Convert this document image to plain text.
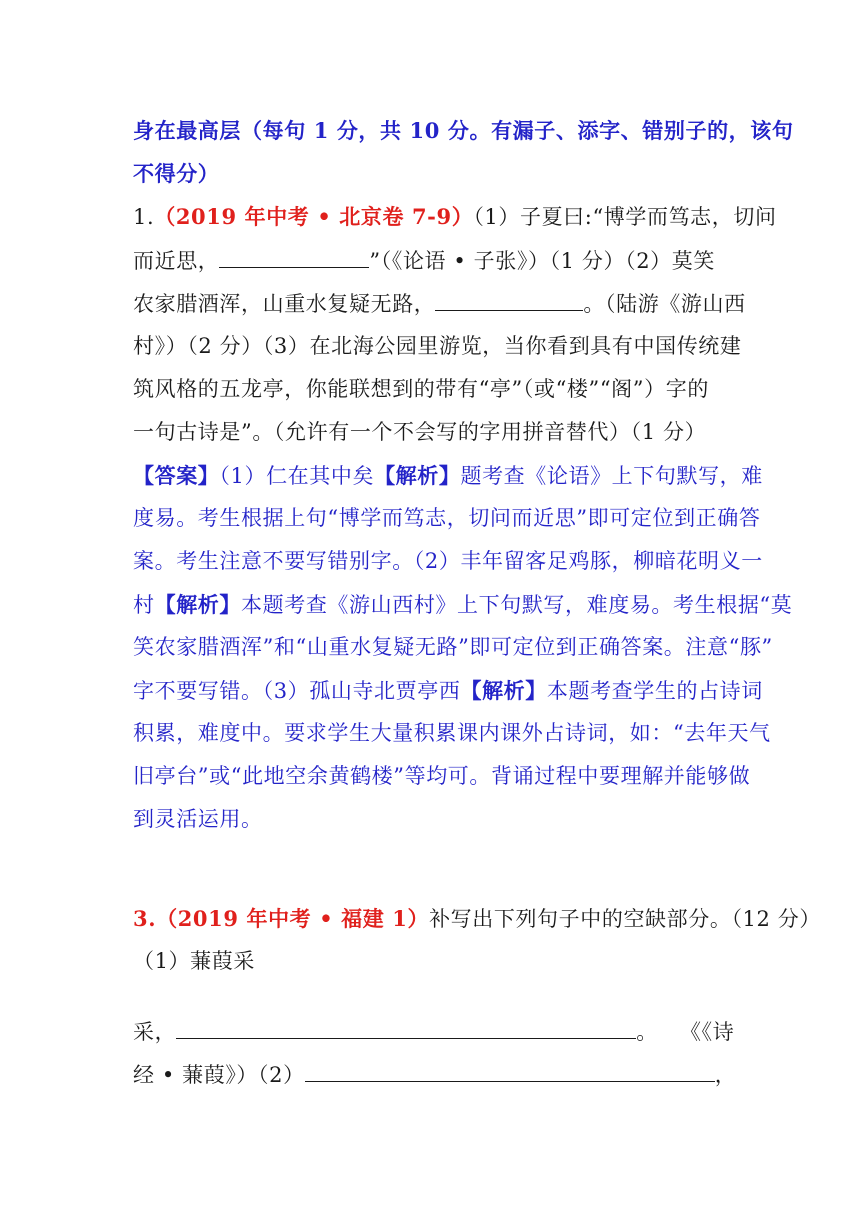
身在最高层（每句 1 分，共 10 分。有漏子、添字、错别子的，该句
不得分）
1.（2019 年中考 • 北京卷 7-9）（1）子夏曰:“博学而笃志，切问
而近思，	”（《论语 • 子张》）（1 分）（2）莫笑
农家腊酒浑，山重水复疑无路，	。（陆游《游山西
村》）（2 分）（3）在北海公园里游览，当你看到具有中国传统建
筑风格的五龙亭，你能联想到的带有“亭”（或“楼”“阁”）字的
一句古诗是”。（允许有一个不会写的字用拼音替代）（1 分）
【答案】（1）仁在其中矣【解析】题考查《论语》上下句默写，难
度易。考生根据上句“博学而笃志，切问而近思”即可定位到正确答
案。考生注意不要写错别字。（2）丰年留客足鸡豚，柳暗花明义一
村【解析】本题考查《游山西村》上下句默写，难度易。考生根据“莫
笑农家腊酒浑”和“山重水复疑无路”即可定位到正确答案。注意“豚”
字不要写错。（3）孤山寺北贾亭西【解析】本题考查学生的占诗词
积累，难度中。要求学生大量积累课内课外占诗词，如：“去年天气
旧亭台”或“此地空余黄鹤楼”等均可。背诵过程中要理解并能够做
到灵活运用。
3.（2019 年中考 • 福建 1）补写出下列句子中的空缺部分。（12 分）
（1）蒹葭采
采，	。　　《《诗
经 • 蒹葭》）（2）	，
